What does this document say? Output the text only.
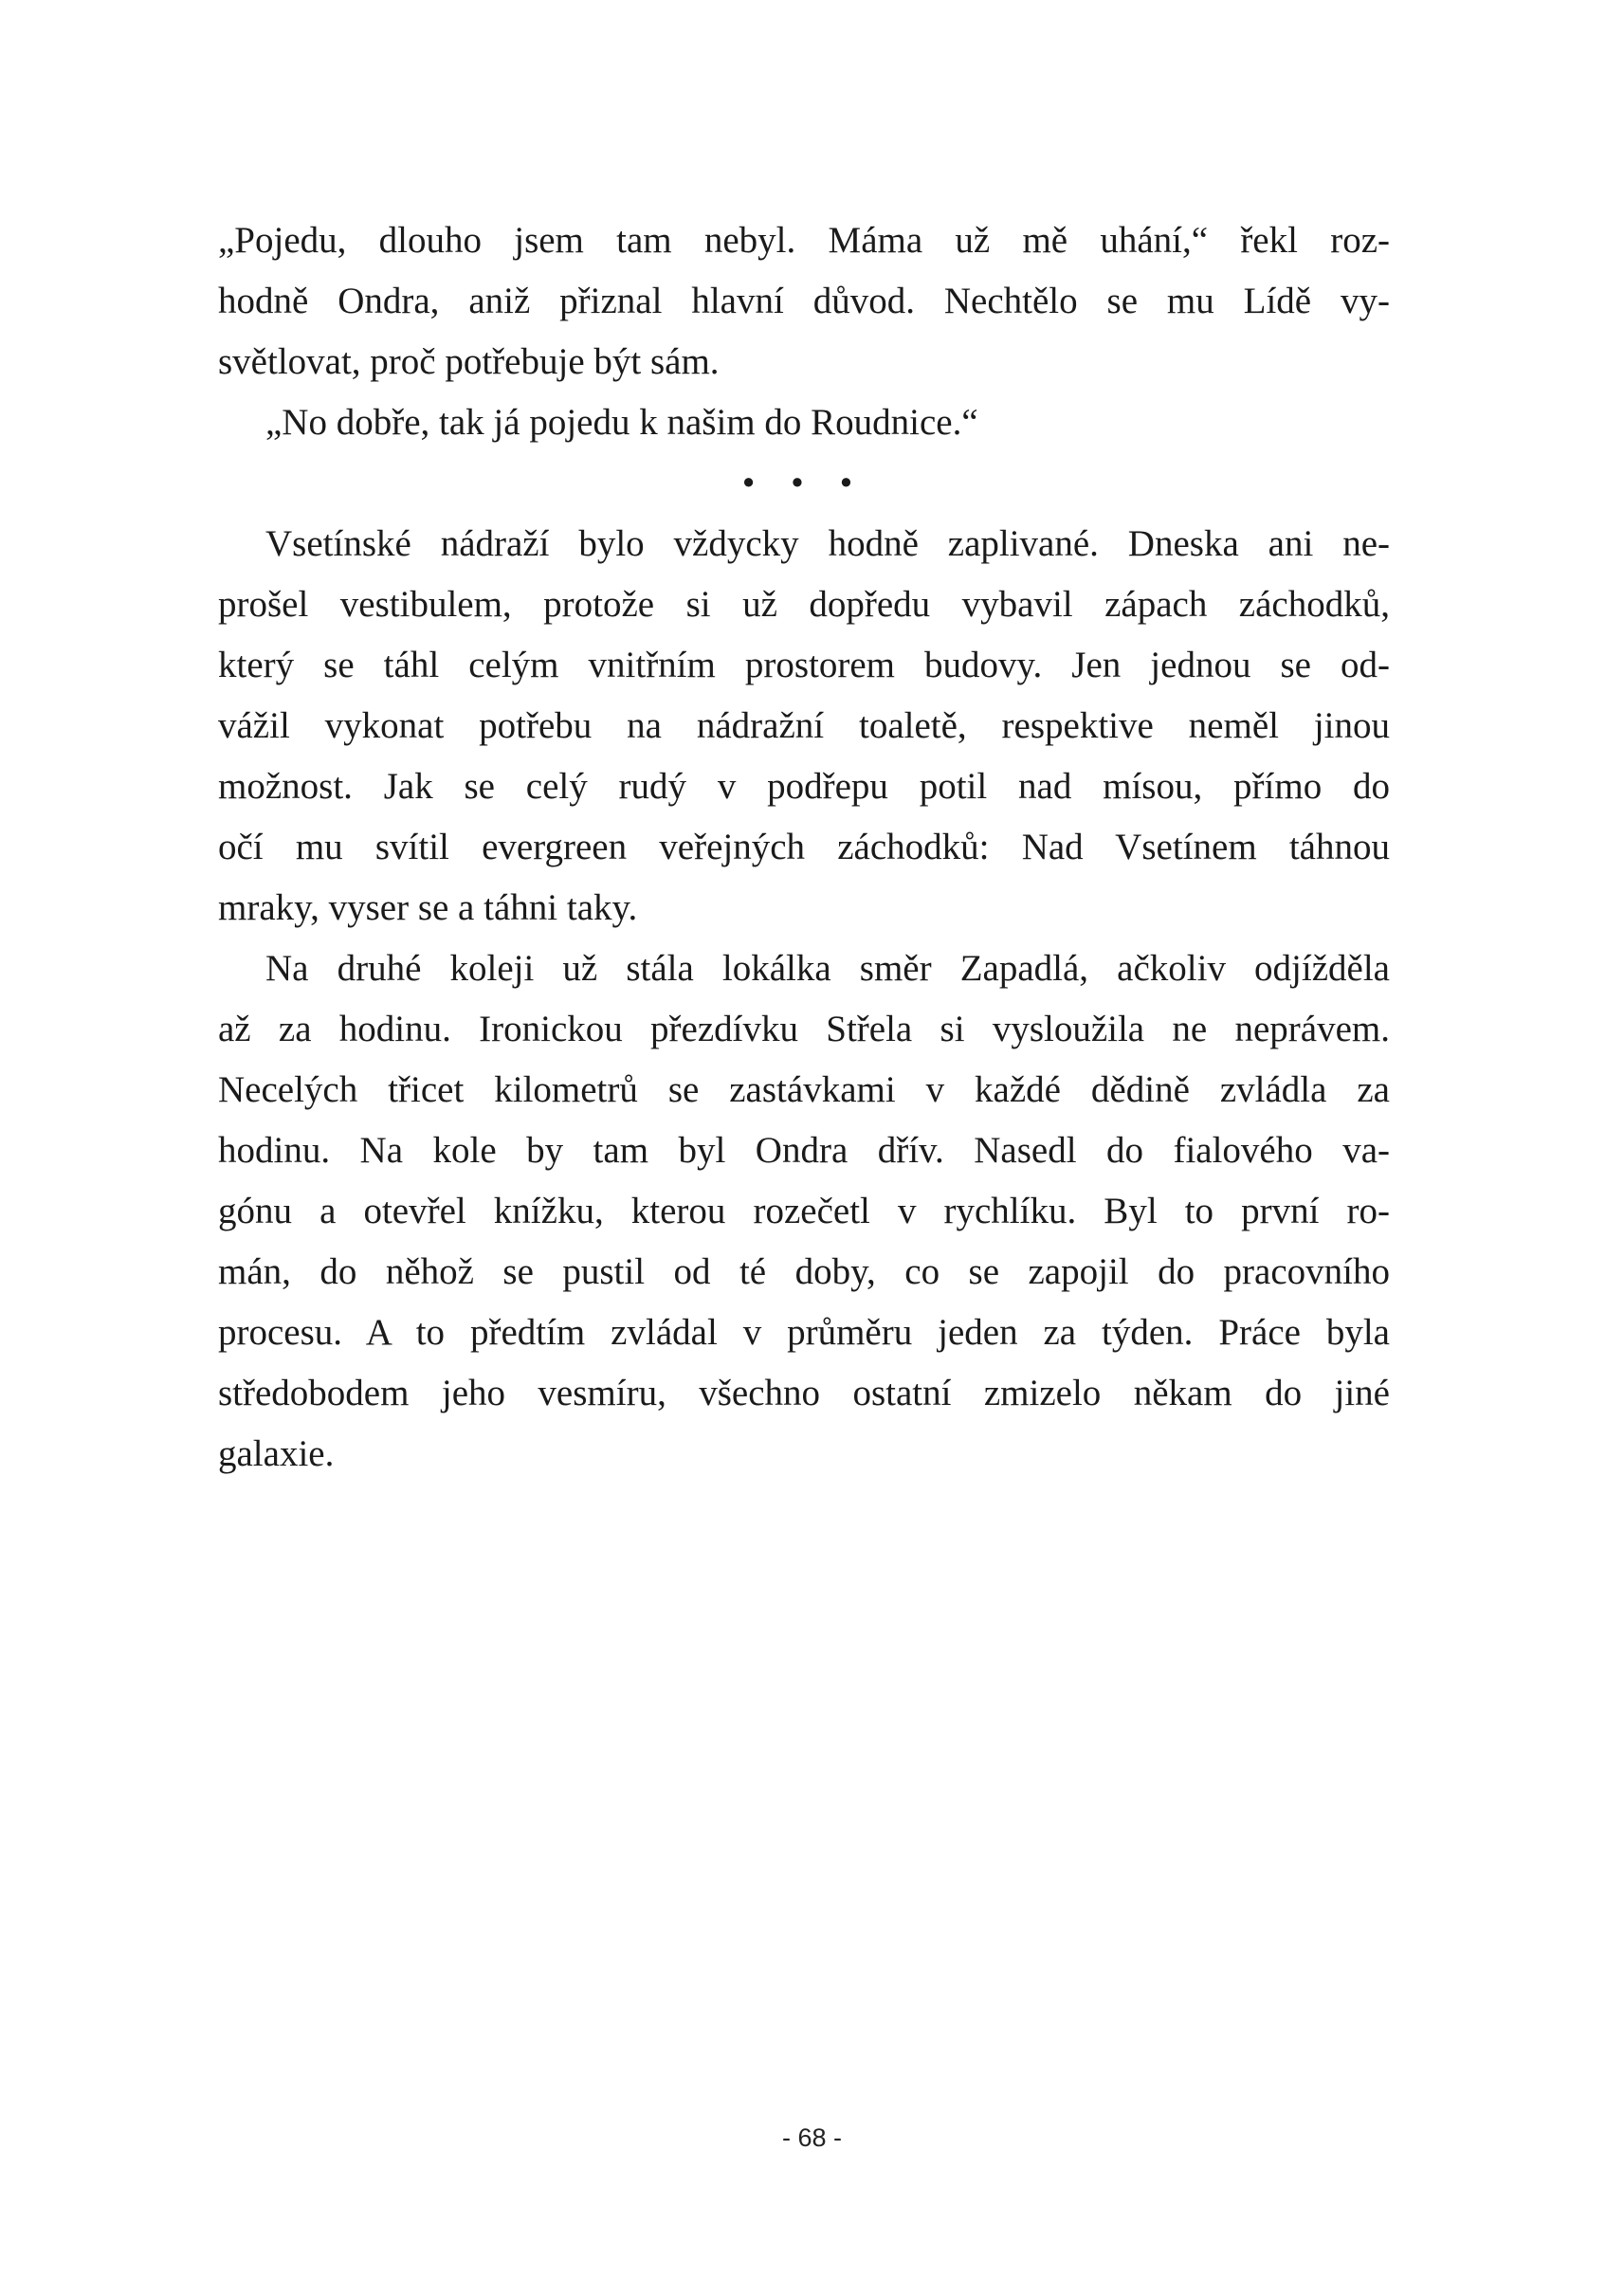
„Pojedu, dlouho jsem tam nebyl. Máma už mě uhání,“ řekl roz-
hodně Ondra, aniž přiznal hlavní důvod. Nechtělo se mu Lídě vy-
světlovat, proč potřebuje být sám.
„No dobře, tak já pojedu k našim do Roudnice.“
• • •
Vsetínské nádraží bylo vždycky hodně zaplivané. Dneska ani ne-
prošel vestibulem, protože si už dopředu vybavil zápach záchodků,
který se táhl celým vnitřním prostorem budovy. Jen jednou se od-
vážil vykonat potřebu na nádražní toaletě, respektive neměl jinou
možnost. Jak se celý rudý v podřepu potil nad mísou, přímo do
očí mu svítil evergreen veřejných záchodků: Nad Vsetínem táhnou
mraky, vyser se a táhni taky.
Na druhé koleji už stála lokálka směr Zapadlá, ačkoliv odjížděla
až za hodinu. Ironickou přezdívku Střela si vysloužila ne neprávem.
Necelých třicet kilometrů se zastávkami v každé dědině zvládla za
hodinu. Na kole by tam byl Ondra dřív. Nasedl do fialového va-
gónu a otevřel knížku, kterou rozečetl v rychlíku. Byl to první ro-
mán, do něhož se pustil od té doby, co se zapojil do pracovního
procesu. A to předtím zvládal v průměru jeden za týden. Práce byla
středobodem jeho vesmíru, všechno ostatní zmizelo někam do jiné
galaxie.
- 68 -
